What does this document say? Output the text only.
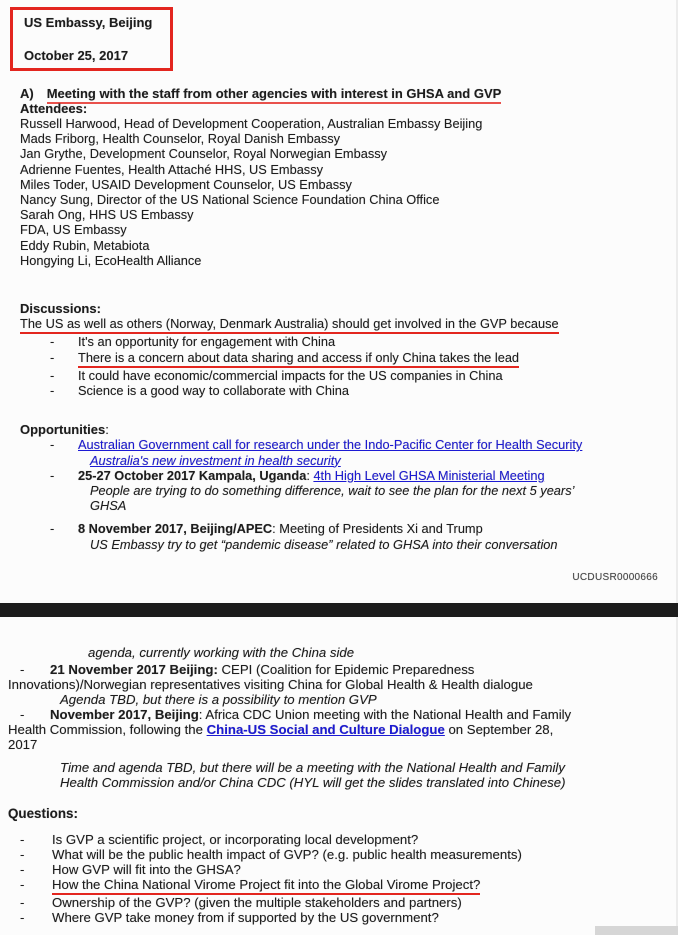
US Embassy, Beijing
October 25, 2017
A) Meeting with the staff from other agencies with interest in GHSA and GVP
Attendees:
Russell Harwood, Head of Development Cooperation, Australian Embassy Beijing
Mads Friborg, Health Counselor, Royal Danish Embassy
Jan Grythe, Development Counselor, Royal Norwegian Embassy
Adrienne Fuentes, Health Attaché HHS, US Embassy
Miles Toder, USAID Development Counselor, US Embassy
Nancy Sung, Director of the US National Science Foundation China Office
Sarah Ong, HHS US Embassy
FDA, US Embassy
Eddy Rubin, Metabiota
Hongying Li, EcoHealth Alliance
Discussions:
The US as well as others (Norway, Denmark Australia) should get involved in the GVP because
- It's an opportunity for engagement with China
- There is a concern about data sharing and access if only China takes the lead
- It could have economic/commercial impacts for the US companies in China
- Science is a good way to collaborate with China
Opportunities:
- Australian Government call for research under the Indo-Pacific Center for Health Security
Australia's new investment in health security
- 25-27 October 2017 Kampala, Uganda: 4th High Level GHSA Ministerial Meeting
People are trying to do something difference, wait to see the plan for the next 5 years’
GHSA
- 8 November 2017, Beijing/APEC: Meeting of Presidents Xi and Trump
US Embassy try to get “pandemic disease” related to GHSA into their conversation
UCDUSR0000666
agenda, currently working with the China side
- 21 November 2017 Beijing: CEPI (Coalition for Epidemic Preparedness
Innovations)/Norwegian representatives visiting China for Global Health & Health dialogue
Agenda TBD, but there is a possibility to mention GVP
- November 2017, Beijing: Africa CDC Union meeting with the National Health and Family
Health Commission, following the China-US Social and Culture Dialogue on September 28,
2017
Time and agenda TBD, but there will be a meeting with the National Health and Family
Health Commission and/or China CDC (HYL will get the slides translated into Chinese)
Questions:
- Is GVP a scientific project, or incorporating local development?
- What will be the public health impact of GVP? (e.g. public health measurements)
- How GVP will fit into the GHSA?
- How the China National Virome Project fit into the Global Virome Project?
- Ownership of the GVP? (given the multiple stakeholders and partners)
- Where GVP take money from if supported by the US government?
